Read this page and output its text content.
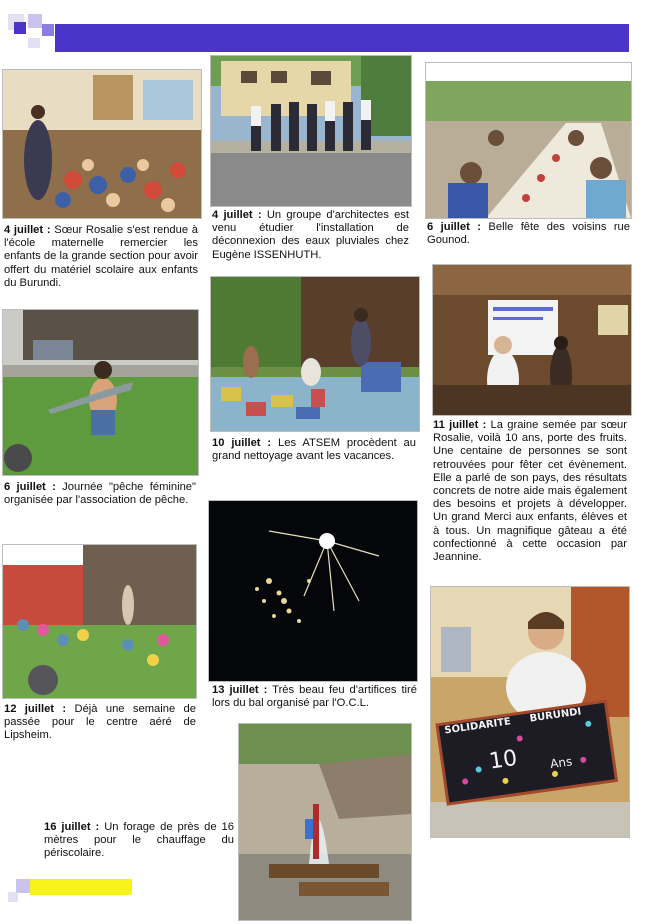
SOLIDARITE
BURUNDI
10	Ans
4 juillet : Sœur Rosalie s'est rendue à l'école maternelle remercier les enfants de la grande section pour avoir offert du matériel scolaire aux enfants du Burundi.
4 juillet : Un groupe d'architectes est venu étudier l'installation de déconnexion des eaux pluviales chez Eugène ISSENHUTH.
6 juillet : Belle fête des voisins rue Gounod.
6 juillet : Journée "pêche féminine" organisée par l'association de pêche.
10 juillet : Les ATSEM procèdent au grand nettoyage avant les vacances.
11 juillet : La graine semée par sœur Rosalie, voilà 10 ans, porte des fruits. Une centaine de personnes se sont retrouvées pour fêter cet évènement. Elle a parlé de son pays, des résultats concrets de notre aide mais également des besoins et projets à développer. Un grand Merci aux enfants, élèves et à tous. Un magnifique gâteau a été confectionné à cette occasion par Jeannine.
12 juillet : Déjà une semaine de passée pour le centre aéré de Lipsheim.
13 juillet : Très beau feu d'artifices tiré lors du bal organisé par l'O.C.L.
16 juillet : Un forage de près de 16 mètres pour le chauffage du périscolaire.
